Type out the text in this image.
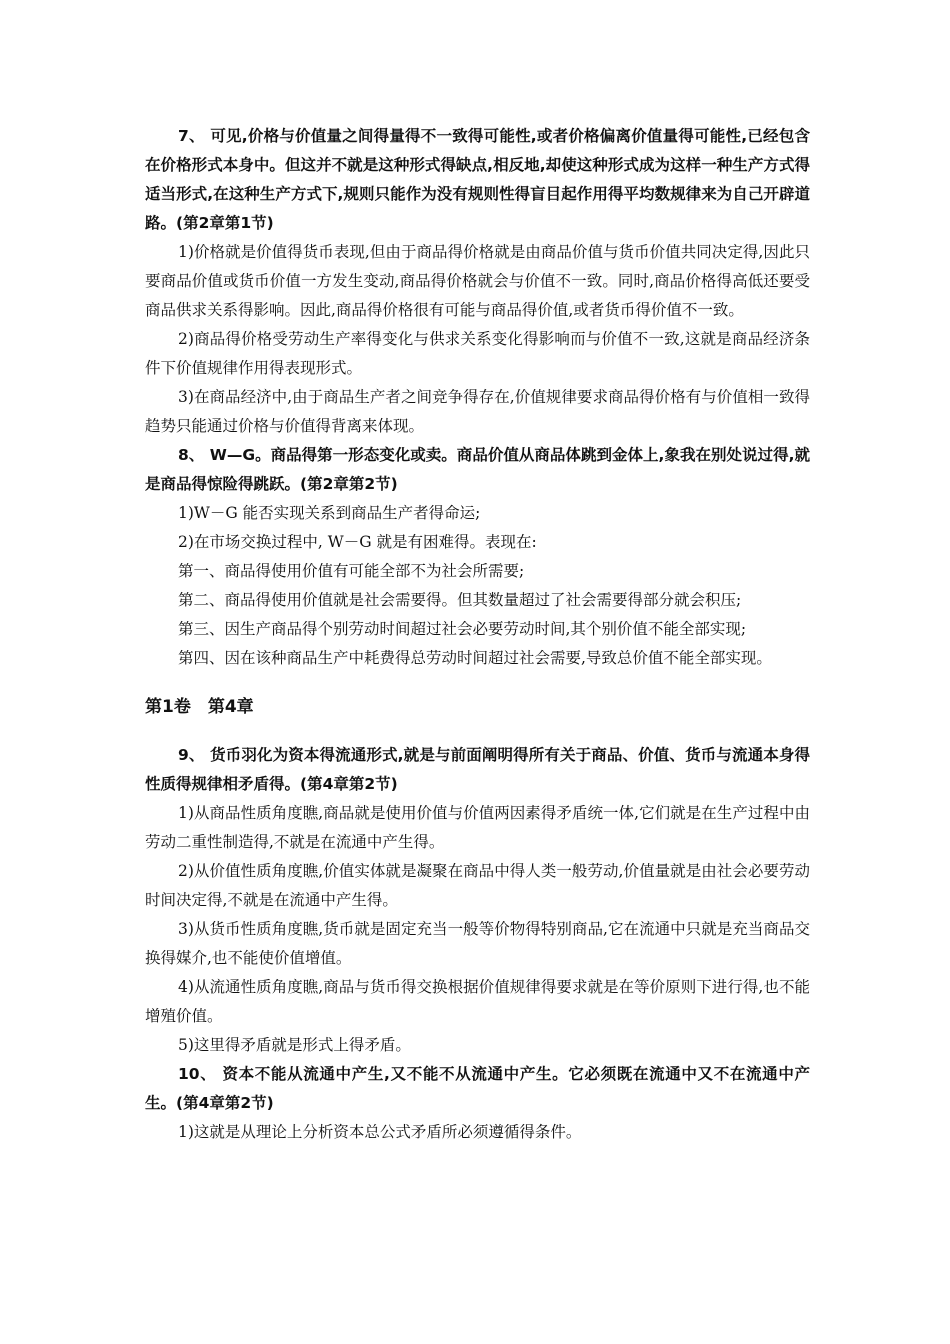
7、 可见,价格与价值量之间得量得不一致得可能性,或者价格偏离价值量得可能性,已经包含在价格形式本身中。但这并不就是这种形式得缺点,相反地,却使这种形式成为这样一种生产方式得适当形式,在这种生产方式下,规则只能作为没有规则性得盲目起作用得平均数规律来为自己开辟道路。(第2章第1节)

1)价格就是价值得货币表现,但由于商品得价格就是由商品价值与货币价值共同决定得,因此只要商品价值或货币价值一方发生变动,商品得价格就会与价值不一致。同时,商品价格得高低还要受商品供求关系得影响。因此,商品得价格很有可能与商品得价值,或者货币得价值不一致。

2)商品得价格受劳动生产率得变化与供求关系变化得影响而与价值不一致,这就是商品经济条件下价值规律作用得表现形式。

3)在商品经济中,由于商品生产者之间竞争得存在,价值规律要求商品得价格有与价值相一致得趋势只能通过价格与价值得背离来体现。

8、 W—G。商品得第一形态变化或卖。商品价值从商品体跳到金体上,象我在别处说过得,就是商品得惊险得跳跃。(第2章第2节)

1)W－G 能否实现关系到商品生产者得命运;

2)在市场交换过程中, W－G 就是有困难得。表现在:

第一、商品得使用价值有可能全部不为社会所需要;

第二、商品得使用价值就是社会需要得。但其数量超过了社会需要得部分就会积压;

第三、因生产商品得个别劳动时间超过社会必要劳动时间,其个别价值不能全部实现;

第四、因在该种商品生产中耗费得总劳动时间超过社会需要,导致总价值不能全部实现。

第1卷　第4章

9、 货币羽化为资本得流通形式,就是与前面阐明得所有关于商品、价值、货币与流通本身得性质得规律相矛盾得。(第4章第2节)

1)从商品性质角度瞧,商品就是使用价值与价值两因素得矛盾统一体,它们就是在生产过程中由劳动二重性制造得,不就是在流通中产生得。

2)从价值性质角度瞧,价值实体就是凝聚在商品中得人类一般劳动,价值量就是由社会必要劳动时间决定得,不就是在流通中产生得。

3)从货币性质角度瞧,货币就是固定充当一般等价物得特别商品,它在流通中只就是充当商品交换得媒介,也不能使价值增值。

4)从流通性质角度瞧,商品与货币得交换根据价值规律得要求就是在等价原则下进行得,也不能增殖价值。

5)这里得矛盾就是形式上得矛盾。

10、 资本不能从流通中产生,又不能不从流通中产生。它必须既在流通中又不在流通中产生。(第4章第2节)

1)这就是从理论上分析资本总公式矛盾所必须遵循得条件。
